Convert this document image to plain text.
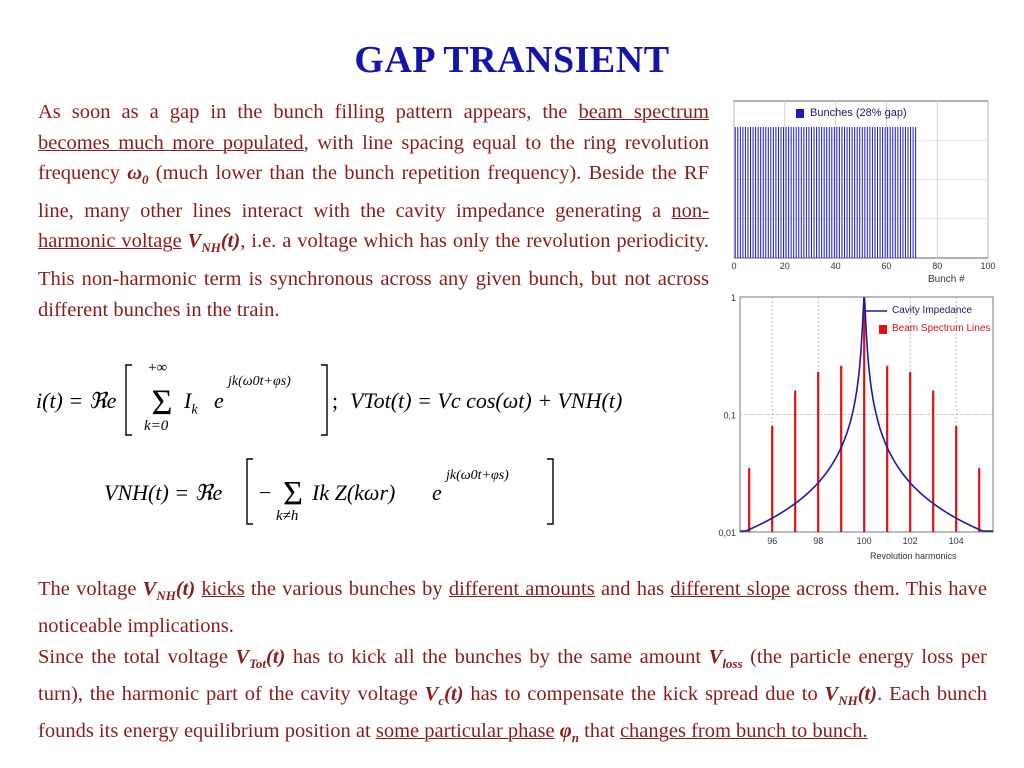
GAP TRANSIENT
As soon as a gap in the bunch filling pattern appears, the beam spectrum becomes much more populated, with line spacing equal to the ring revolution frequency $\omega_0$ (much lower than the bunch repetition frequency). Beside the RF line, many other lines interact with the cavity impedance generating a non-harmonic voltage $V_{NH}(t)$, i.e. a voltage which has only the revolution periodicity. This non-harmonic term is synchronous across any given bunch, but not across different bunches in the train.
Σ
i(t) = ℜe
+∞
k=0
$I_k$ e
jk(ω0t+φs)
; VTot(t) = Vc cos(ωt) + VNH(t)
Σ
VNH(t) = ℜe −
k≠h
Ik Z(kωr) e
jk(ω0t+φs)
0	20	40	60	80	100
Bunches (28% gap)
Bunch #
96	98	100	102	104
1
0,1
0,01
Cavity Impedance
Beam Spectrum Lines
Revolution harmonics
The voltage $V_{NH}(t)$ kicks the various bunches by different amounts and has different slope across them. This have noticeable implications.
Since the total voltage $V_{Tot}(t)$ has to kick all the bunches by the same amount $V_{loss}$ (the particle energy loss per turn), the harmonic part of the cavity voltage $V_c(t)$ has to compensate the kick spread due to $V_{NH}(t)$. Each bunch founds its energy equilibrium position at some particular phase $\varphi_n$ that changes from bunch to bunch.
